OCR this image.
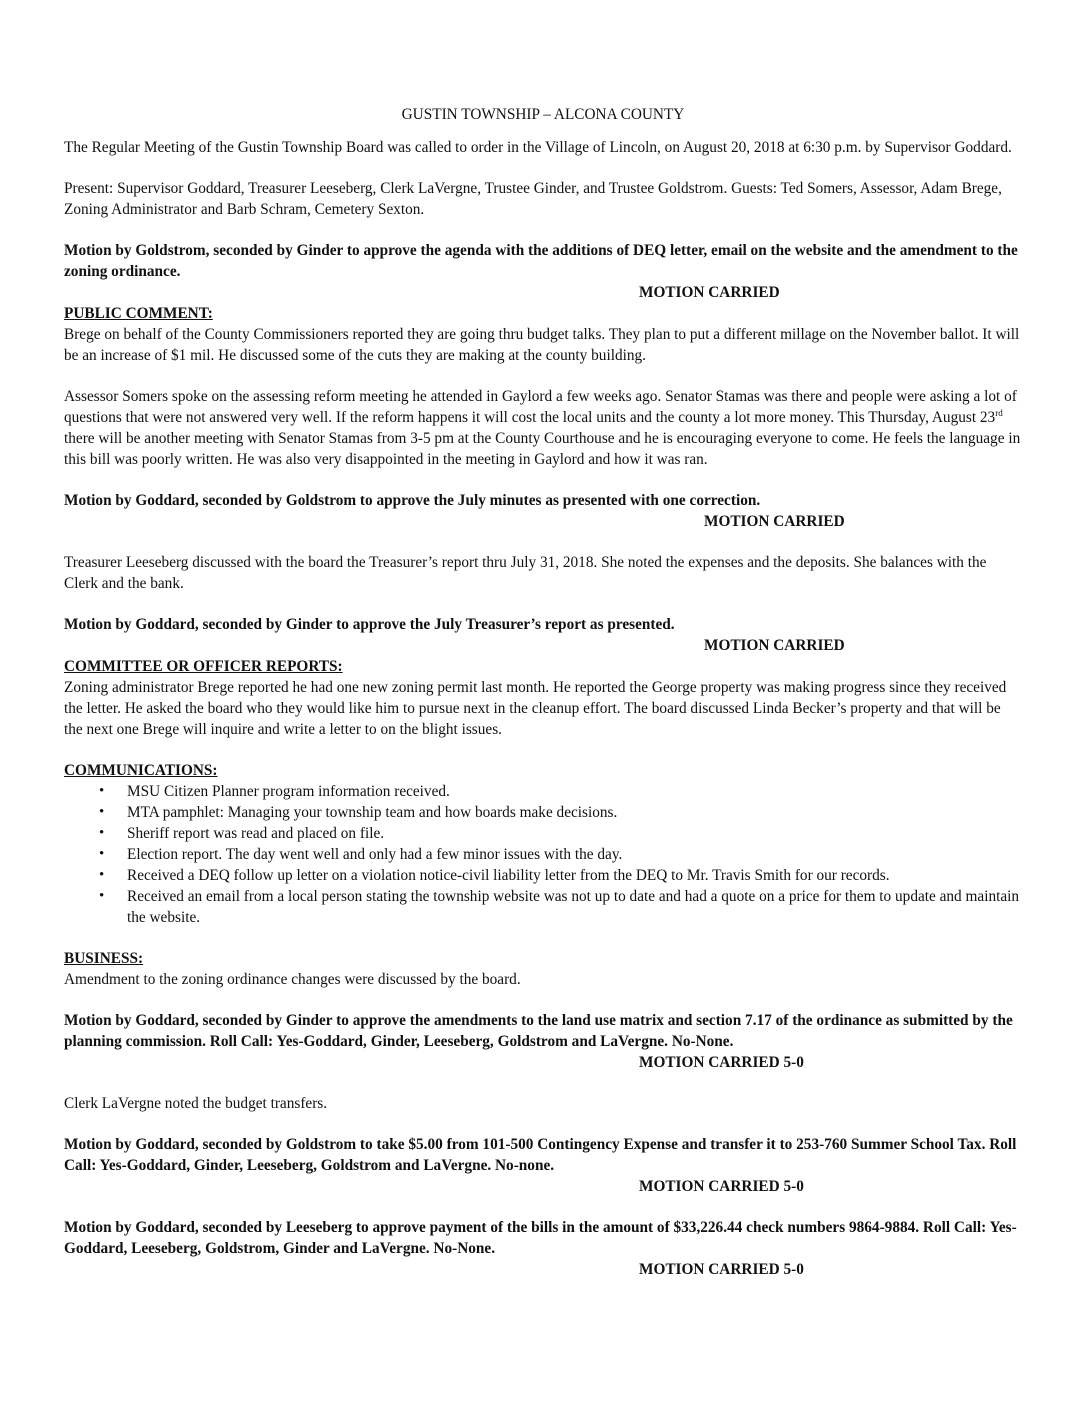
GUSTIN TOWNSHIP – ALCONA COUNTY

The Regular Meeting of the Gustin Township Board was called to order in the Village of Lincoln, on August 20, 2018 at 6:30 p.m. by Supervisor Goddard.

Present: Supervisor Goddard, Treasurer Leeseberg, Clerk LaVergne, Trustee Ginder, and Trustee Goldstrom. Guests: Ted Somers, Assessor, Adam Brege, Zoning Administrator and Barb Schram, Cemetery Sexton.

Motion by Goldstrom, seconded by Ginder to approve the agenda with the additions of DEQ letter, email on the website and the amendment to the zoning ordinance.

MOTION CARRIED

PUBLIC COMMENT:

Brege on behalf of the County Commissioners reported they are going thru budget talks. They plan to put a different millage on the November ballot. It will be an increase of $1 mil. He discussed some of the cuts they are making at the county building.

Assessor Somers spoke on the assessing reform meeting he attended in Gaylord a few weeks ago. Senator Stamas was there and people were asking a lot of questions that were not answered very well. If the reform happens it will cost the local units and the county a lot more money. This Thursday, August 23rd there will be another meeting with Senator Stamas from 3-5 pm at the County Courthouse and he is encouraging everyone to come. He feels the language in this bill was poorly written. He was also very disappointed in the meeting in Gaylord and how it was ran.

Motion by Goddard, seconded by Goldstrom to approve the July minutes as presented with one correction.

MOTION CARRIED

Treasurer Leeseberg discussed with the board the Treasurer’s report thru July 31, 2018. She noted the expenses and the deposits. She balances with the Clerk and the bank.

Motion by Goddard, seconded by Ginder to approve the July Treasurer’s report as presented.

MOTION CARRIED

COMMITTEE OR OFFICER REPORTS:

Zoning administrator Brege reported he had one new zoning permit last month. He reported the George property was making progress since they received the letter. He asked the board who they would like him to pursue next in the cleanup effort. The board discussed Linda Becker’s property and that will be the next one Brege will inquire and write a letter to on the blight issues.

COMMUNICATIONS:

• MSU Citizen Planner program information received.
• MTA pamphlet: Managing your township team and how boards make decisions.
• Sheriff report was read and placed on file.
• Election report. The day went well and only had a few minor issues with the day.
• Received a DEQ follow up letter on a violation notice-civil liability letter from the DEQ to Mr. Travis Smith for our records.
• Received an email from a local person stating the township website was not up to date and had a quote on a price for them to update and maintain the website.

BUSINESS:

Amendment to the zoning ordinance changes were discussed by the board.

Motion by Goddard, seconded by Ginder to approve the amendments to the land use matrix and section 7.17 of the ordinance as submitted by the planning commission. Roll Call: Yes-Goddard, Ginder, Leeseberg, Goldstrom and LaVergne. No-None.

MOTION CARRIED 5-0

Clerk LaVergne noted the budget transfers.

Motion by Goddard, seconded by Goldstrom to take $5.00 from 101-500 Contingency Expense and transfer it to 253-760 Summer School Tax. Roll Call: Yes-Goddard, Ginder, Leeseberg, Goldstrom and LaVergne. No-none.

MOTION CARRIED 5-0

Motion by Goddard, seconded by Leeseberg to approve payment of the bills in the amount of $33,226.44 check numbers 9864-9884. Roll Call: Yes- Goddard, Leeseberg, Goldstrom, Ginder and LaVergne. No-None.

MOTION CARRIED 5-0
